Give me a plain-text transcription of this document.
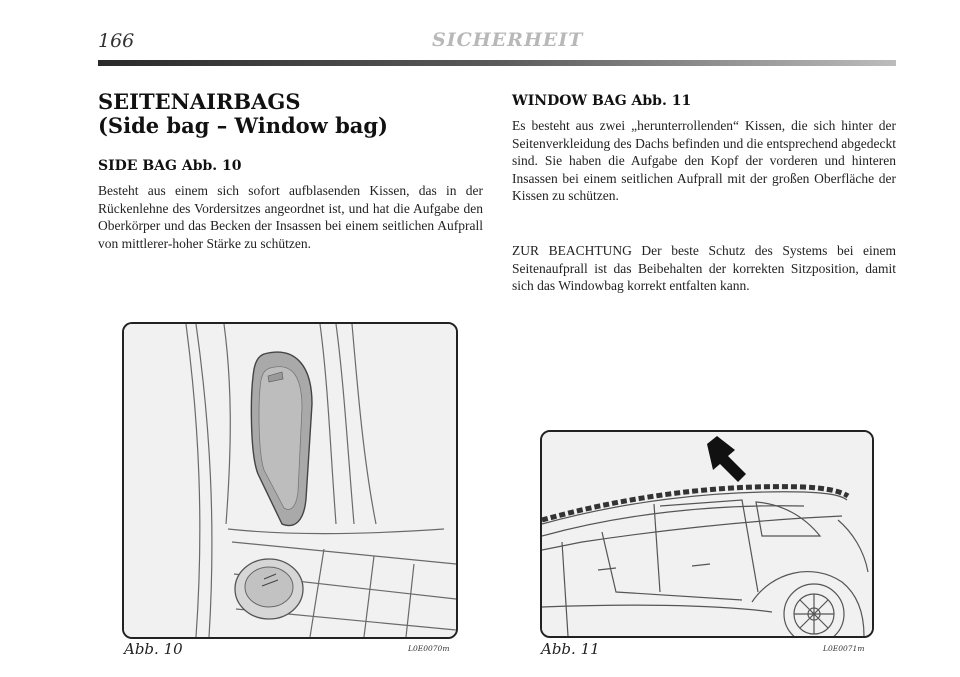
166	SICHERHEIT
SEITENAIRBAGS
(Side bag – Window bag)
SIDE BAG Abb. 10

Besteht aus einem sich sofort aufblasenden Kissen, das in der Rückenlehne des Vordersitzes angeordnet ist, und hat die Aufgabe den Oberkörper und das Becken der Insassen bei einem seitlichen Aufprall von mittlerer-hoher Stärke zu schützen.

WINDOW BAG Abb. 11

Es besteht aus zwei „herunterrollenden“ Kissen, die sich hinter der Seitenverkleidung des Dachs befinden und die entsprechend abgedeckt sind. Sie haben die Aufgabe den Kopf der vorderen und hinteren Insassen bei einem seitlichen Aufprall mit der großen Oberfläche der Kissen zu schützen.

ZUR BEACHTUNG Der beste Schutz des Systems bei einem Seitenaufprall ist das Beibehalten der korrekten Sitzposition, damit sich das Windowbag korrekt entfalten kann.

Abb. 10	L0E0070m	Abb. 11	L0E0071m
